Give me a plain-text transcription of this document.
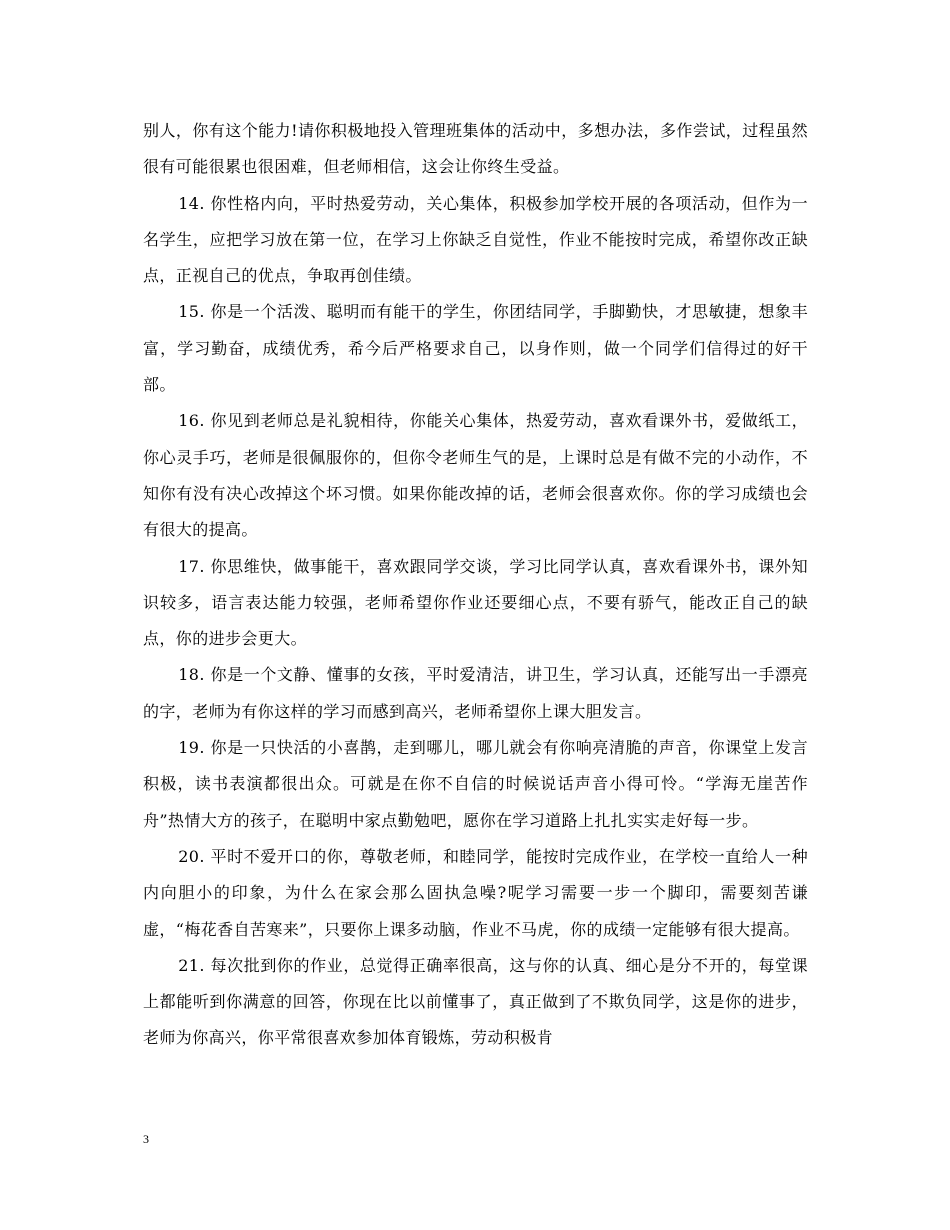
别人，你有这个能力!请你积极地投入管理班集体的活动中，多想办法，多作尝试，过程虽然很有可能很累也很困难，但老师相信，这会让你终生受益。

14. 你性格内向，平时热爱劳动，关心集体，积极参加学校开展的各项活动，但作为一名学生，应把学习放在第一位，在学习上你缺乏自觉性，作业不能按时完成，希望你改正缺点，正视自己的优点，争取再创佳绩。

15. 你是一个活泼、聪明而有能干的学生，你团结同学，手脚勤快，才思敏捷，想象丰富，学习勤奋，成绩优秀，希今后严格要求自己，以身作则，做一个同学们信得过的好干部。

16. 你见到老师总是礼貌相待，你能关心集体，热爱劳动，喜欢看课外书，爱做纸工，你心灵手巧，老师是很佩服你的，但你令老师生气的是，上课时总是有做不完的小动作，不知你有没有决心改掉这个坏习惯。如果你能改掉的话，老师会很喜欢你。你的学习成绩也会有很大的提高。

17. 你思维快，做事能干，喜欢跟同学交谈，学习比同学认真，喜欢看课外书，课外知识较多，语言表达能力较强，老师希望你作业还要细心点，不要有骄气，能改正自己的缺点，你的进步会更大。

18. 你是一个文静、懂事的女孩，平时爱清洁，讲卫生，学习认真，还能写出一手漂亮的字，老师为有你这样的学习而感到高兴，老师希望你上课大胆发言。

19. 你是一只快活的小喜鹊，走到哪儿，哪儿就会有你响亮清脆的声音，你课堂上发言积极，读书表演都很出众。可就是在你不自信的时候说话声音小得可怜。“学海无崖苦作舟”热情大方的孩子，在聪明中家点勤勉吧，愿你在学习道路上扎扎实实走好每一步。

20. 平时不爱开口的你，尊敬老师，和睦同学，能按时完成作业，在学校一直给人一种内向胆小的印象，为什么在家会那么固执急噪?呢学习需要一步一个脚印，需要刻苦谦虚，“梅花香自苦寒来”，只要你上课多动脑，作业不马虎，你的成绩一定能够有很大提高。

21. 每次批到你的作业，总觉得正确率很高，这与你的认真、细心是分不开的，每堂课上都能听到你满意的回答，你现在比以前懂事了，真正做到了不欺负同学，这是你的进步，老师为你高兴，你平常很喜欢参加体育锻炼，劳动积极肯

3
